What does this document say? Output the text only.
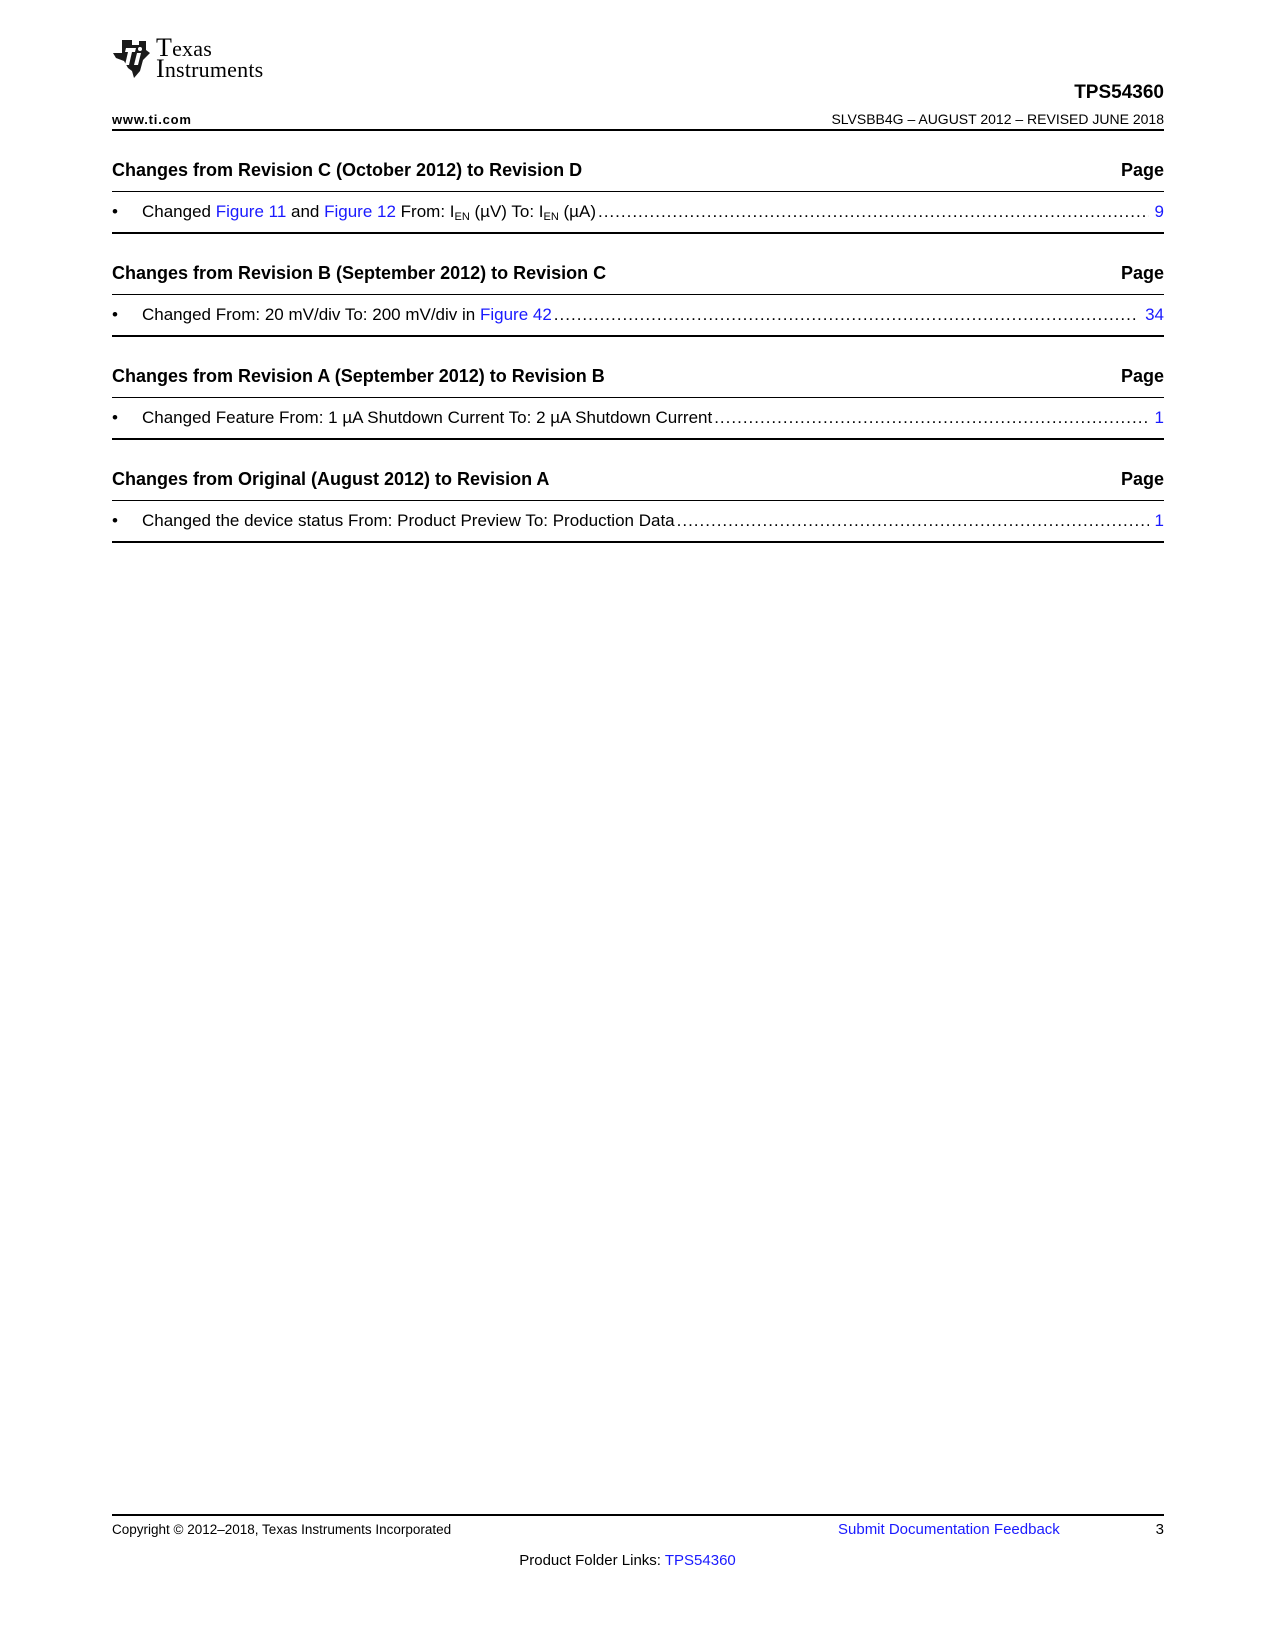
Texas
Instruments
TPS54360
www.ti.com	SLVSBB4G – AUGUST 2012 – REVISED JUNE 2018
Changes from Revision C (October 2012) to Revision D	Page
•	Changed Figure 11 and Figure 12 From: $I_{EN}$ (µV) To: $I_{EN}$ (µA) .....	9
Changes from Revision B (September 2012) to Revision C	Page
•	Changed From: 20 mV/div To: 200 mV/div in Figure 42 .....	34
Changes from Revision A (September 2012) to Revision B	Page
•	Changed Feature From: 1 µA Shutdown Current To: 2 µA Shutdown Current .....	1
Changes from Original (August 2012) to Revision A	Page
•	Changed the device status From: Product Preview To: Production Data .....	1
Copyright © 2012–2018, Texas Instruments Incorporated	Submit Documentation Feedback	3
Product Folder Links: TPS54360
